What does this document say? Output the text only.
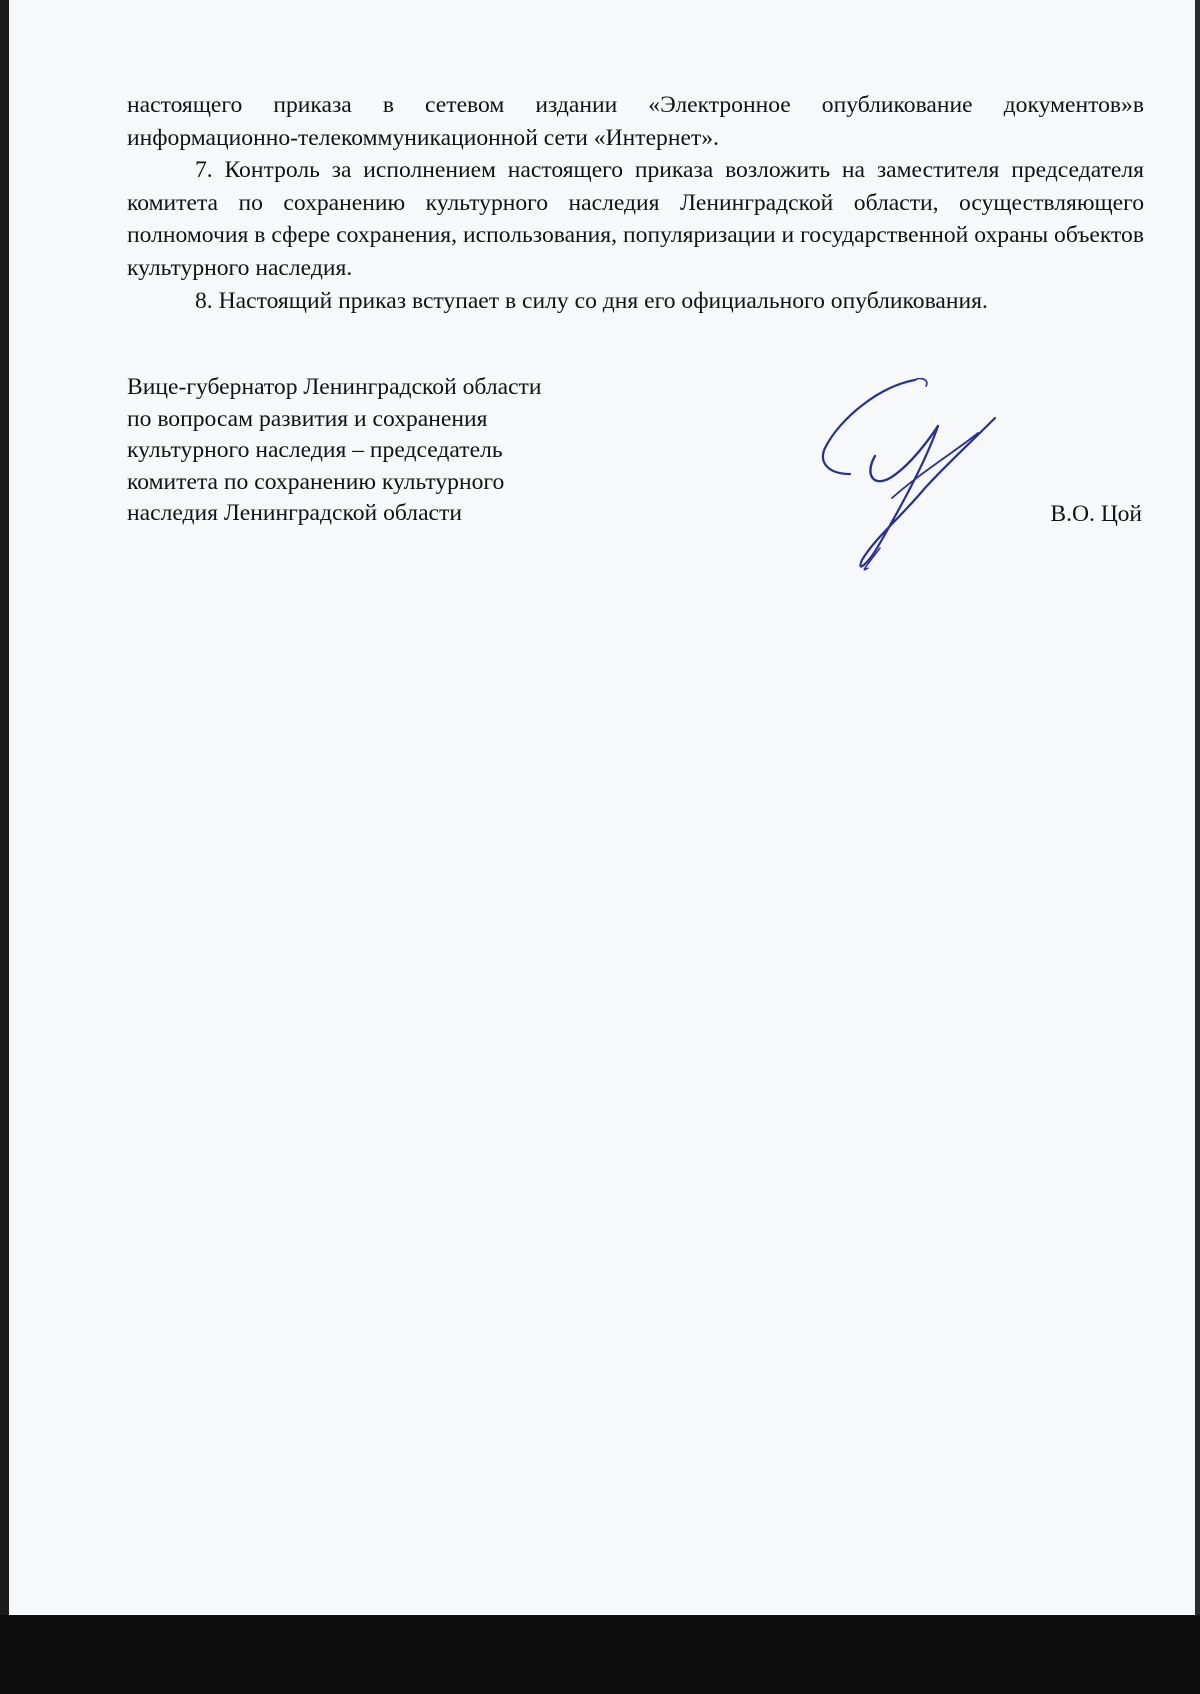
настоящего приказа в сетевом издании «Электронное опубликование документов»в информационно-телекоммуникационной сети «Интернет».

7. Контроль за исполнением настоящего приказа возложить на заместителя председателя комитета по сохранению культурного наследия Ленинградской области, осуществляющего полномочия в сфере сохранения, использования, популяризации и государственной охраны объектов культурного наследия.

8. Настоящий приказ вступает в силу со дня его официального опубликования.

Вице-губернатор Ленинградской области
по вопросам развития и сохранения
культурного наследия – председатель
комитета по сохранению культурного
наследия Ленинградской области	В.О. Цой
